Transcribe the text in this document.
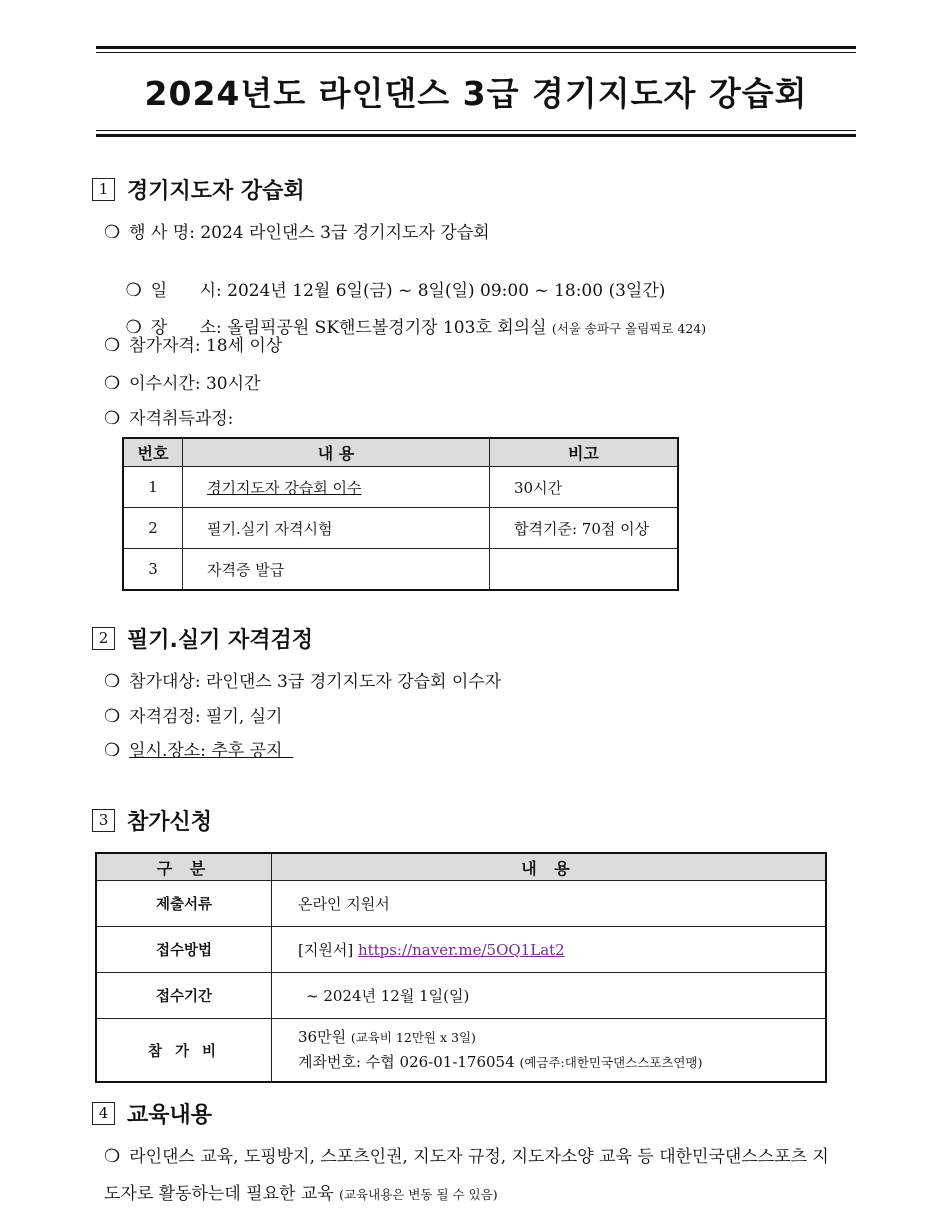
2024년도 라인댄스 3급 경기지도자 강습회
1 경기지도자 강습회
❍ 행 사 명: 2024 라인댄스 3급 경기지도자 강습회

❍ 일      시: 2024년 12월 6일(금) ~ 8일(일) 09:00 ~ 18:00 (3일간)

❍ 장      소: 올림픽공원 SK핸드볼경기장 103호 회의실 (서울 송파구 올림픽로 424)

❍ 참가자격: 18세 이상
❍ 이수시간: 30시간
❍ 자격취득과정:
번호	내 용	비고
1	경기지도자 강습회 이수	30시간
2	필기.실기 자격시험	합격기준: 70점 이상
3	자격증 발급	
2 필기.실기 자격검정
❍ 참가대상: 라인댄스 3급 경기지도자 강습회 이수자
❍ 자격검정: 필기, 실기
❍ 일시.장소: 추후 공지
3 참가신청
구 분	내 용
제출서류	온라인 지원서
접수방법	[지원서] https://naver.me/5OQ1Lat2
접수기간	~ 2024년 12월 1일(일)
참 가 비	36만원 (교육비 12만원 x 3일)
계좌번호: 수협 026-01-176054 (예금주:대한민국댄스스포츠연맹)
4 교육내용
❍ 라인댄스 교육, 도핑방지, 스포츠인권, 지도자 규정, 지도자소양 교육 등 대한민국댄스스포츠 지도자로 활동하는데 필요한 교육 (교육내용은 변동 될 수 있음)
